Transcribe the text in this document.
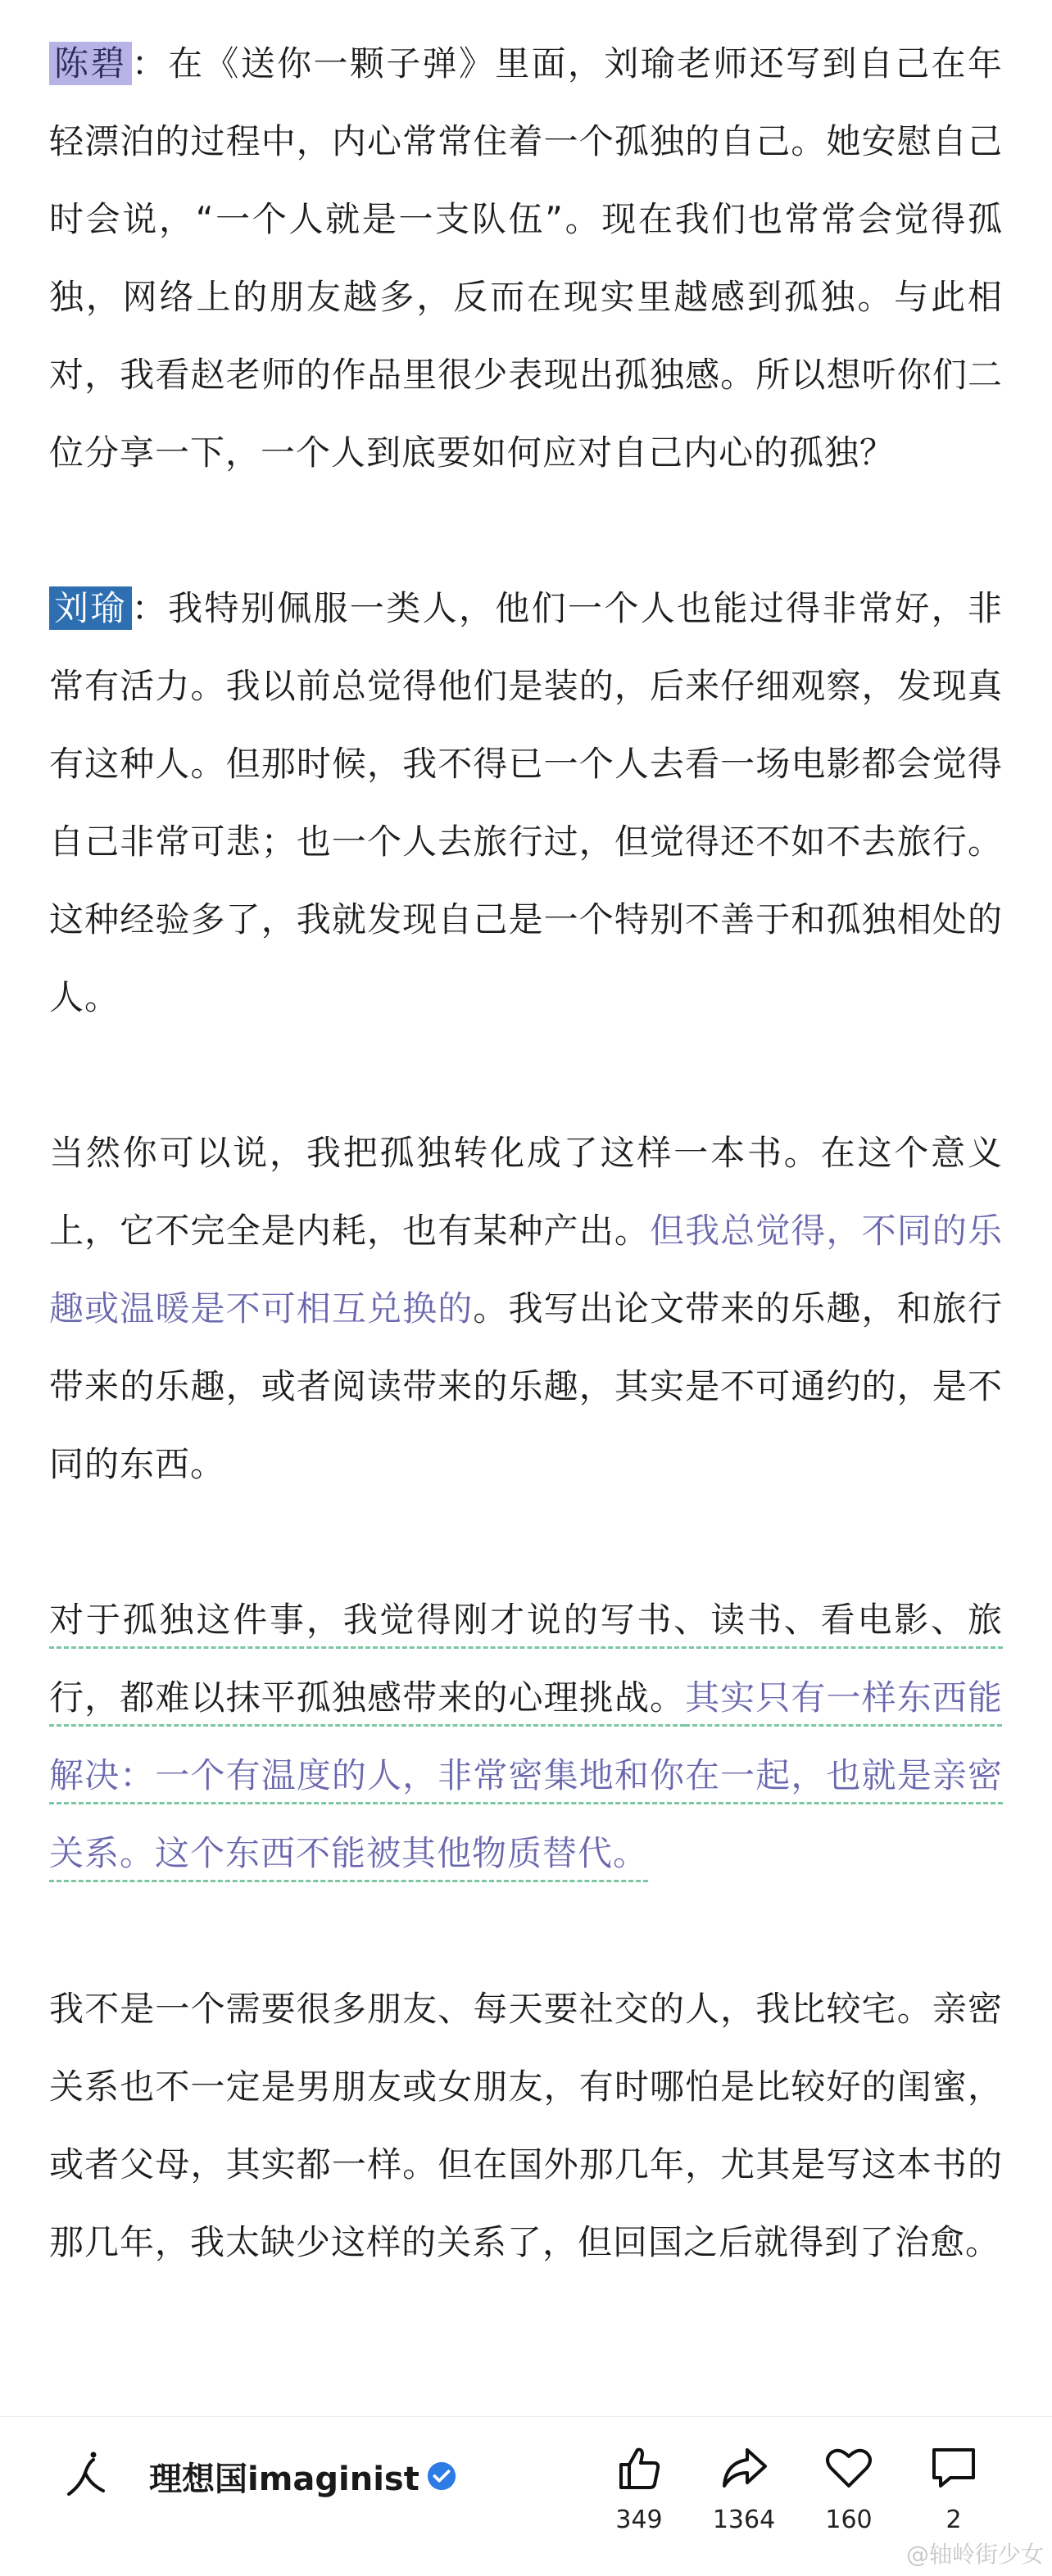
陈碧 ：在《送你一颗子弹》里面，刘瑜老师还写到自己在年轻漂泊的过程中，内心常常住着一个孤独的自己。她安慰自己时会说，“一个人就是一支队伍”。现在我们也常常会觉得孤独，网络上的朋友越多，反而在现实里越感到孤独。与此相对，我看赵老师的作品里很少表现出孤独感。所以想听你们二位分享一下，一个人到底要如何应对自己内心的孤独？

刘瑜 ：我特别佩服一类人，他们一个人也能过得非常好，非常有活力。我以前总觉得他们是装的，后来仔细观察，发现真有这种人。但那时候，我不得已一个人去看一场电影都会觉得自己非常可悲；也一个人去旅行过，但觉得还不如不去旅行。这种经验多了，我就发现自己是一个特别不善于和孤独相处的人。

当然你可以说，我把孤独转化成了这样一本书。在这个意义上，它不完全是内耗，也有某种产出。但我总觉得，不同的乐趣或温暖是不可相互兑换的。我写出论文带来的乐趣，和旅行带来的乐趣，或者阅读带来的乐趣，其实是不可通约的，是不同的东西。

对于孤独这件事，我觉得刚才说的写书、读书、看电影、旅行，都难以抹平孤独感带来的心理挑战。其实只有一样东西能解决：一个有温度的人，非常密集地和你在一起，也就是亲密关系。这个东西不能被其他物质替代。

我不是一个需要很多朋友、每天要社交的人，我比较宅。亲密关系也不一定是男朋友或女朋友，有时哪怕是比较好的闺蜜，或者父母，其实都一样。但在国外那几年，尤其是写这本书的那几年，我太缺少这样的关系了，但回国之后就得到了治愈。

理想国imaginist
349	1364	160	2
@轴岭街少女
